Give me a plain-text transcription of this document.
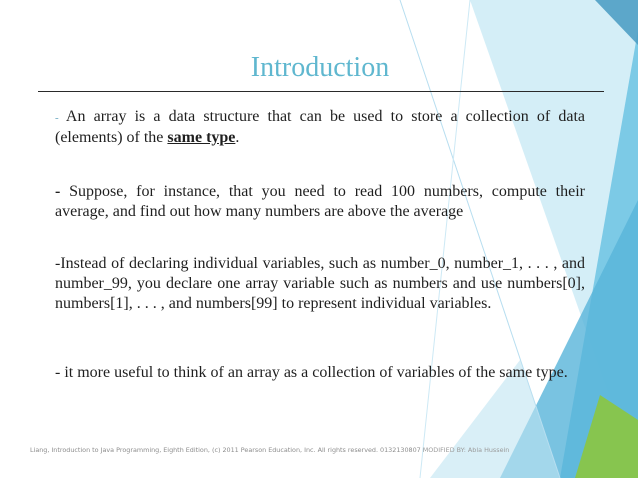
Introduction

- An array is a data structure that can be used to store a collection of data (elements) of the same type.

- Suppose, for instance, that you need to read 100 numbers, compute their average, and find out how many numbers are above the average

-Instead of declaring individual variables, such as number_0, number_1, . . . , and number_99, you declare one array variable such as numbers and use numbers[0], numbers[1], . . . , and numbers[99] to represent individual variables.

- it more useful to think of an array as a collection of variables of the same type.

Liang, Introduction to Java Programming, Eighth Edition, (c) 2011 Pearson Education, Inc. All rights reserved. 0132130807 MODIFIED BY: Abla Hussein
